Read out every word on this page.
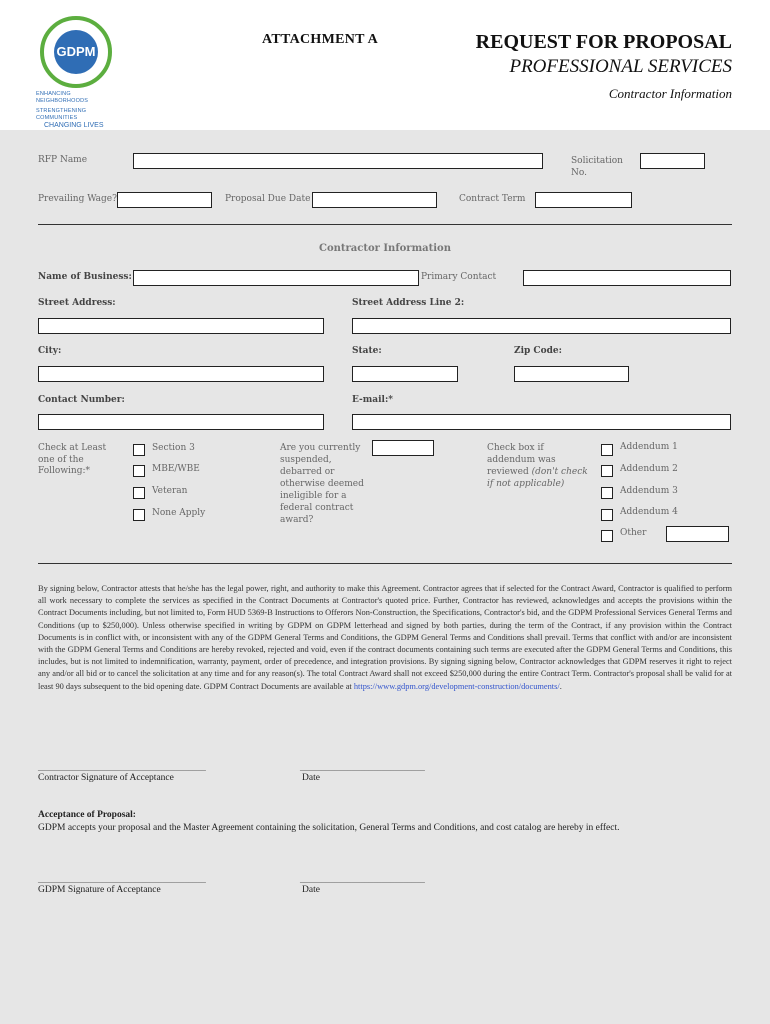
GDPM
ENHANCING NEIGHBORHOODS
STRENGTHENING COMMUNITIES
CHANGING LIVES
ATTACHMENT A	REQUEST FOR PROPOSAL
PROFESSIONAL SERVICES
Contractor Information
RFP Name	Solicitation
No.
Prevailing Wage?	Proposal Due Date	Contract Term
Contractor Information
Name of Business:	Primary Contact
Street Address:	Street Address Line 2:
City:	State:	Zip Code:
Contact Number:	E-mail:*
Check at Least one of the Following:*
Section 3
MBE/WBE
Veteran
None Apply
Are you currently suspended, debarred or otherwise deemed ineligible for a federal contract award?
Check box if addendum was reviewed (don't check if not applicable)
Addendum 1
Addendum 2
Addendum 3
Addendum 4
Other
By signing below, Contractor attests that he/she has the legal power, right, and authority to make this Agreement. Contractor agrees that if selected for the Contract Award, Contractor is qualified to perform all work necessary to complete the services as specified in the Contract Documents at Contractor's quoted price. Further, Contractor has reviewed, acknowledges and accepts the provisions within the Contract Documents including, but not limited to, Form HUD 5369-B Instructions to Offerors Non-Construction, the Specifications, Contractor's bid, and the GDPM Professional Services General Terms and Conditions (up to $250,000). Unless otherwise specified in writing by GDPM on GDPM letterhead and signed by both parties, during the term of the Contract, if any provision within the Contract Documents is in conflict with, or inconsistent with any of the GDPM General Terms and Conditions, the GDPM General Terms and Conditions shall prevail. Terms that conflict with and/or are inconsistent with the GDPM General Terms and Conditions are hereby revoked, rejected and void, even if the contract documents containing such terms are executed after the GDPM General Terms and Conditions, this includes, but is not limited to indemnification, warranty, payment, order of precedence, and integration provisions. By signing signing below, Contractor acknowledges that GDPM reserves it right to reject any and/or all bid or to cancel the solicitation at any time and for any reason(s). The total Contract Award shall not exceed $250,000 during the entire Contract Term. Contractor's proposal shall be valid for at least 90 days subsequent to the bid opening date. GDPM Contract Documents are available at https://www.gdpm.org/development-construction/documents/.
_______________________________________	_____________________________
Contractor Signature of Acceptance	Date
Acceptance of Proposal:
GDPM accepts your proposal and the Master Agreement containing the solicitation, General Terms and Conditions, and cost catalog are hereby in effect.
_______________________________________	_____________________________
GDPM Signature of Acceptance	Date
